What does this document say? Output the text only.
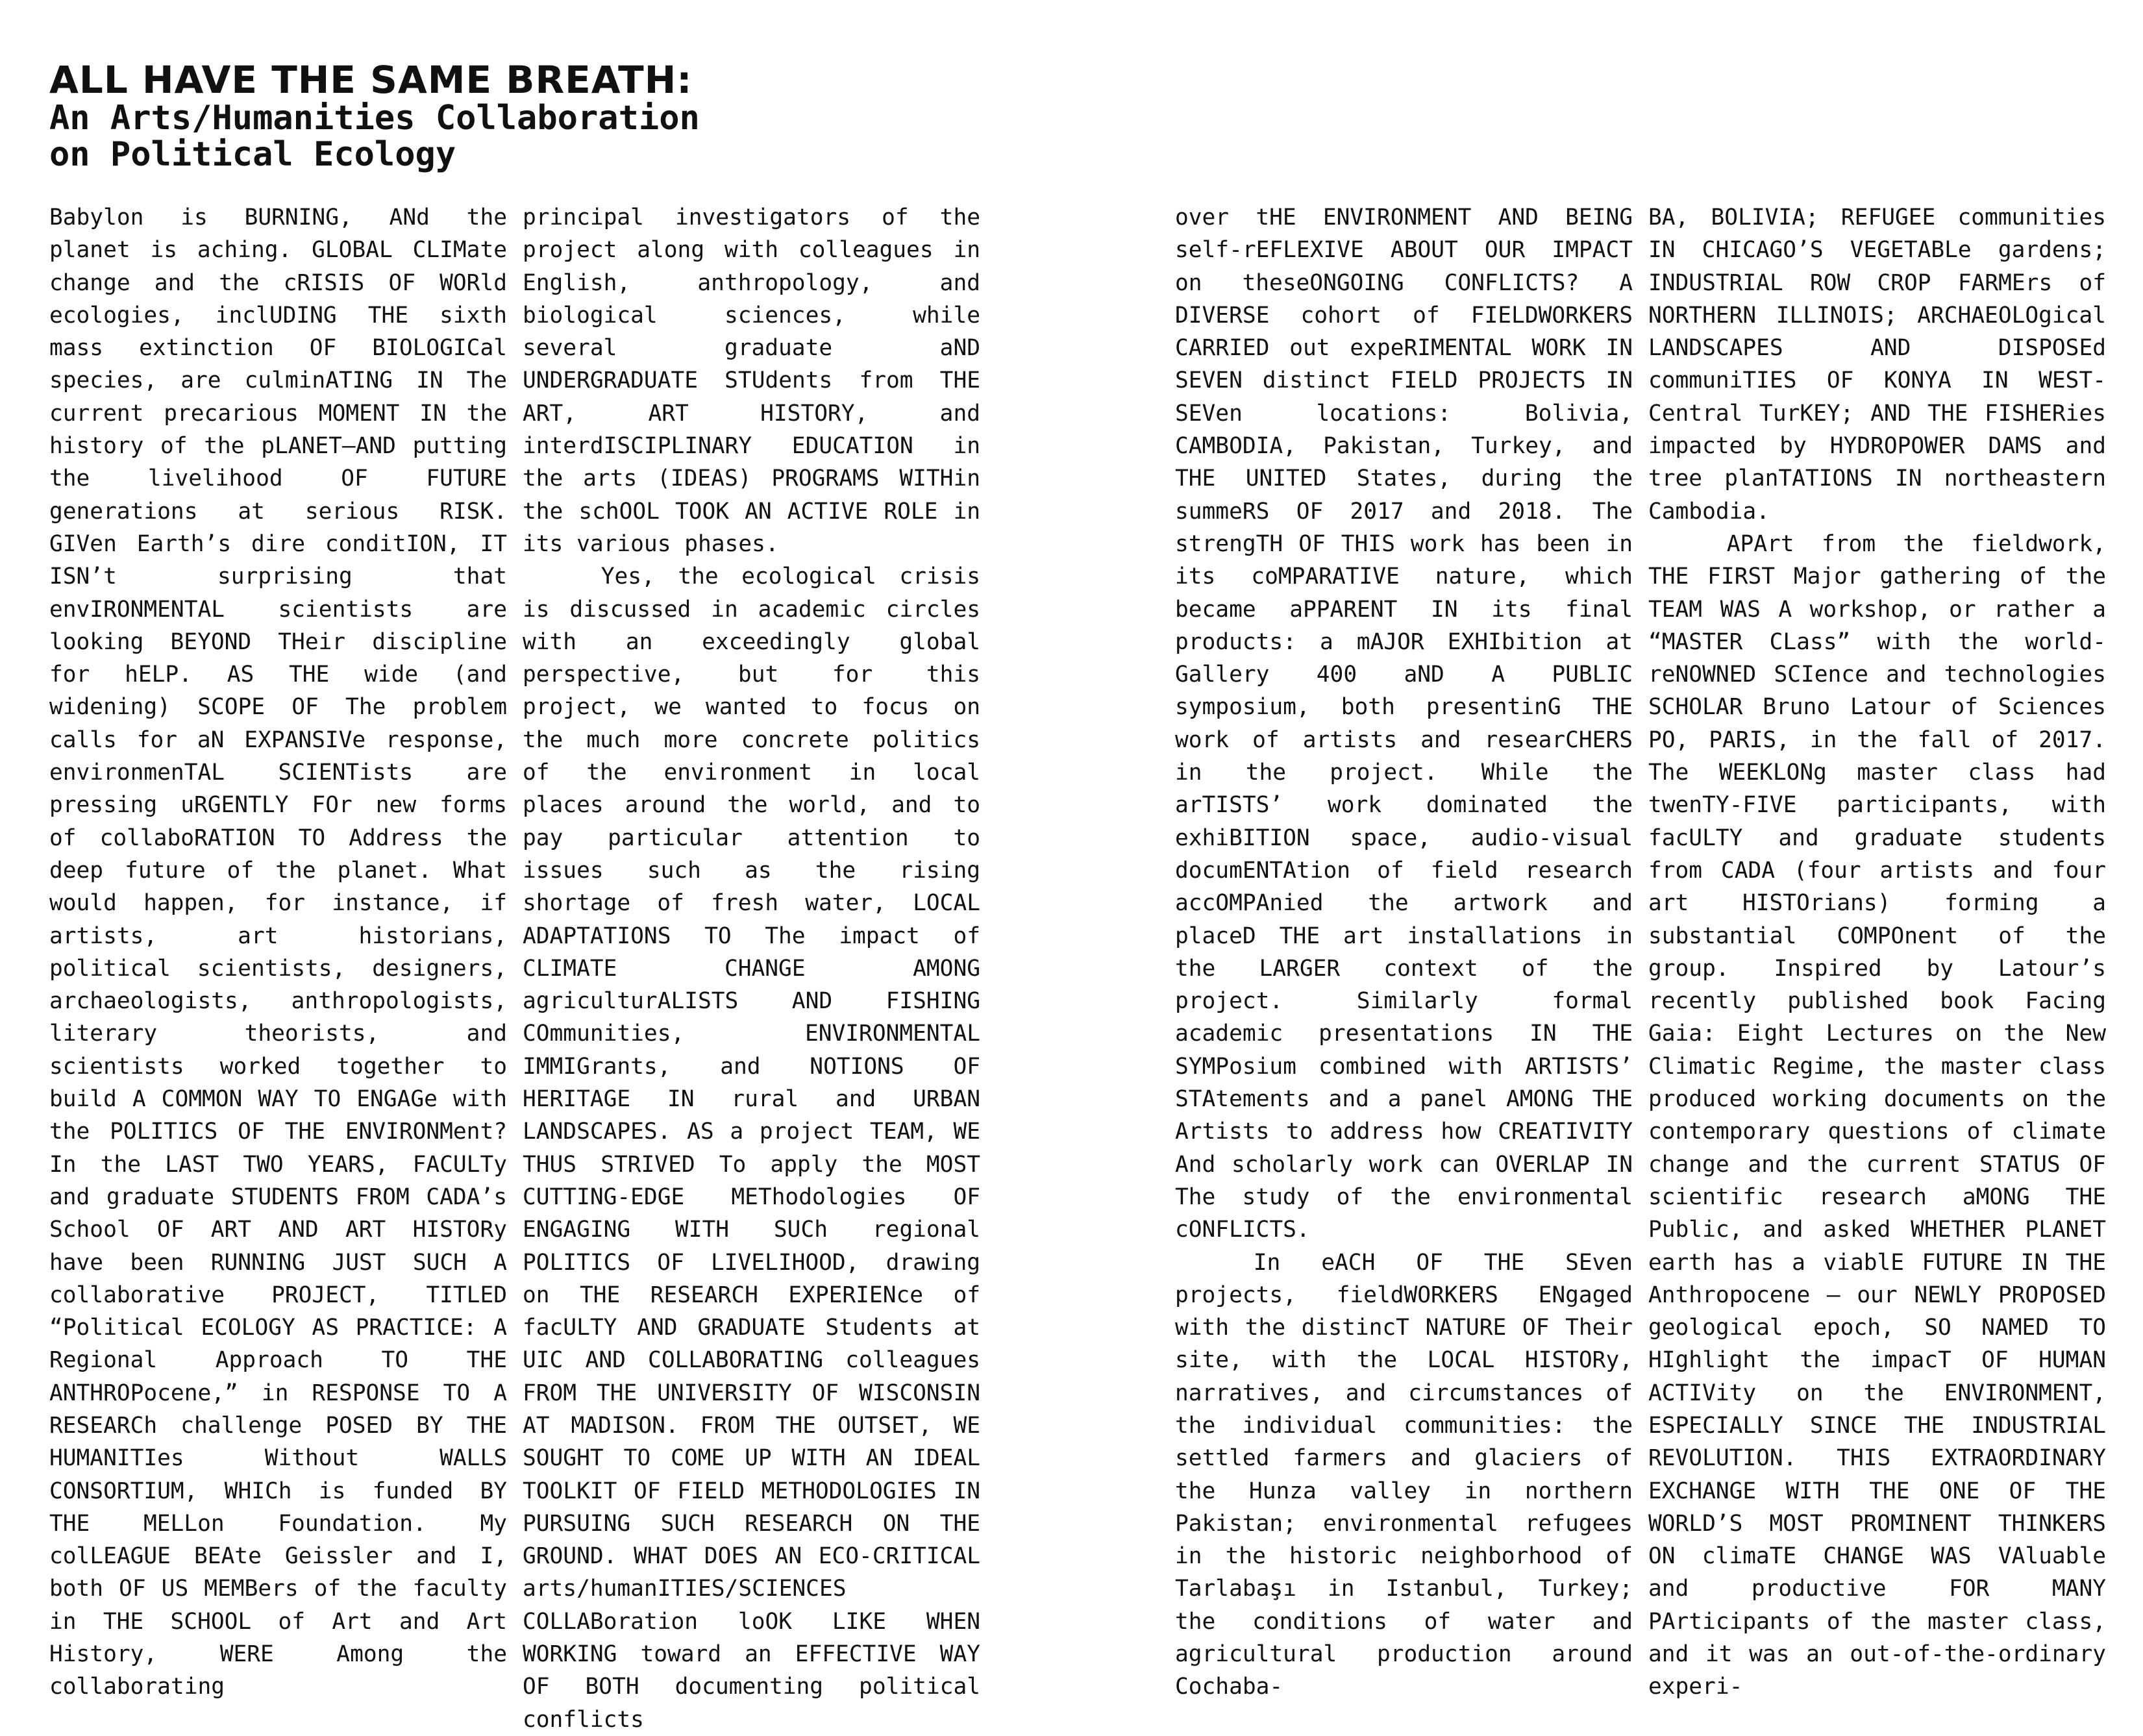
ALL HAVE THE SAME BREATH:
An Arts/Humanities Collaboration
on Political Ecology

Babylon is BURNING, ANd the planet is aching. GLOBAL CLIMate change and the cRISIS OF WORld ecologies, inclUDING THE sixth mass extinction OF BIOLOGICal species, are culminATING IN The current precarious MOMENT IN the history of the pLANET–AND putting the livelihood OF FUTURE generations at serious RISK. GIVen Earth’s dire conditION, IT ISN’t surprising that envIRONMENTAL scientists are looking BEYOND THeir discipline for hELP. AS THE wide (and widening) SCOPE OF The problem calls for aN EXPANSIVe response, environmenTAL SCIENTists are pressing uRGENTLY FOr new forms of collaboRATION TO Address the deep future of the planet. What would happen, for instance, if artists, art historians, political scientists, designers, archaeologists, anthropologists, literary theorists, and scientists worked together to build A COMMON WAY TO ENGAGe with the POLITICS OF THE ENVIRONMent? In the LAST TWO YEARS, FACULTy and graduate STUDENTS FROM CADA’s School OF ART AND ART HISTORy have been RUNNING JUST SUCH A collaborative PROJECT, TITLED “Political ECOLOGY AS PRACTICE: A Regional Approach TO THE ANTHROPocene,” in RESPONSE TO A RESEARCh challenge POSED BY THE HUMANITIes Without WALLS CONSORTIUM, WHICh is funded BY THE MELLon Foundation. My colLEAGUE BEAte Geissler and I, both OF US MEMBers of the faculty in THE SCHOOL of Art and Art History, WERE Among the collaborating

principal investigators of the project along with colleagues in English, anthropology, and biological sciences, while several graduate aND UNDERGRADUATE STUdents from THE ART, ART HISTORY, and interdISCIPLINARY EDUCATION in the arts (IDEAS) PROGRAMS WITHin the schOOL TOOK AN ACTIVE ROLE in its various phases.

Yes, the ecological crisis is discussed in academic circles with an exceedingly global perspective, but for this project, we wanted to focus on the much more concrete politics of the environment in local places around the world, and to pay particular attention to issues such as the rising shortage of fresh water, LOCAL ADAPTATIONS TO The impact of CLIMATE CHANGE AMONG agriculturALISTS AND FISHING COmmunities, ENVIRONMENTAL IMMIGrants, and NOTIONS OF HERITAGE IN rural and URBAN LANDSCAPES. AS a project TEAM, WE THUS STRIVED To apply the MOST CUTTING-EDGE METhodologies OF ENGAGING WITH SUCh regional POLITICS OF LIVELIHOOD, drawing on THE RESEARCH EXPERIENce of facULTY AND GRADUATE Students at UIC AND COLLABORATING colleagues FROM THE UNIVERSITY OF WISCONSIN AT MADISON. FROM THE OUTSET, WE SOUGHT TO COME UP WITH AN IDEAL TOOLKIT OF FIELD METHODOLOGIES IN PURSUING SUCH RESEARCH ON THE GROUND. WHAT DOES AN ECO-CRITICAL arts/humanITIES/SCIENCES COLLABoration loOK LIKE WHEN WORKING toward an EFFECTIVE WAY OF BOTH documenting political conflicts

over tHE ENVIRONMENT AND BEING self-rEFLEXIVE ABOUT OUR IMPACT on theseONGOING CONFLICTS? A DIVERSE cohort of FIELDWORKERS CARRIED out expeRIMENTAL WORK IN SEVEN distinct FIELD PROJECTS IN SEVen locations: Bolivia, CAMBODIA, Pakistan, Turkey, and THE UNITED States, during the summeRS OF 2017 and 2018. The strengTH OF THIS work has been in its coMPARATIVE nature, which became aPPARENT IN its final products: a mAJOR EXHIbition at Gallery 400 aND A PUBLIC symposium, both presentinG THE work of artists and researCHERS in the project. While the arTISTS’ work dominated the exhiBITION space, audio-visual documENTAtion of field research accOMPAnied the artwork and placeD THE art installations in the LARGER context of the project. Similarly formal academic presentations IN THE SYMPosium combined with ARTISTS’ STAtements and a panel AMONG THE Artists to address how CREATIVITY And scholarly work can OVERLAP IN The study of the environmental cONFLICTS.

In eACH OF THE SEven projects, fieldWORKERS ENgaged with the distincT NATURE OF Their site, with the LOCAL HISTORy, narratives, and circumstances of the individual communities: the settled farmers and glaciers of the Hunza valley in northern Pakistan; environmental refugees in the historic neighborhood of Tarlabaşı in Istanbul, Turkey; the conditions of water and agricultural production around Cochaba-

BA, BOLIVIA; REFUGEE communities IN CHICAGO’S VEGETABLe gardens; INDUSTRIAL ROW CROP FARMErs of NORTHERN ILLINOIS; ARCHAEOLOgical LANDSCAPES AND DISPOSEd communiTIES OF KONYA IN WEST-Central TurKEY; AND THE FISHERies impacted by HYDROPOWER DAMS and tree planTATIONS IN northeastern Cambodia.

APArt from the fieldwork, THE FIRST Major gathering of the TEAM WAS A workshop, or rather a “MASTER CLass” with the world-reNOWNED SCIence and technologies SCHOLAR Bruno Latour of Sciences PO, PARIS, in the fall of 2017. The WEEKLONg master class had twenTY-FIVE participants, with facULTY and graduate students from CADA (four artists and four art HISTOrians) forming a substantial COMPOnent of the group. Inspired by Latour’s recently published book Facing Gaia: Eight Lectures on the New Climatic Regime, the master class produced working documents on the contemporary questions of climate change and the current STATUS OF scientific research aMONG THE Public, and asked WHETHER PLANET earth has a viablE FUTURE IN THE Anthropocene – our NEWLY PROPOSED geological epoch, SO NAMED TO HIghlight the impacT OF HUMAN ACTIVity on the ENVIRONMENT, ESPECIALLY SINCE THE INDUSTRIAL REVOLUTION. THIS EXTRAORDINARY EXCHANGE WITH THE ONE OF THE WORLD’S MOST PROMINENT THINKERS ON climaTE CHANGE WAS VAluable and productive FOR MANY PArticipants of the master class, and it was an out-of-the-ordinary experi-
